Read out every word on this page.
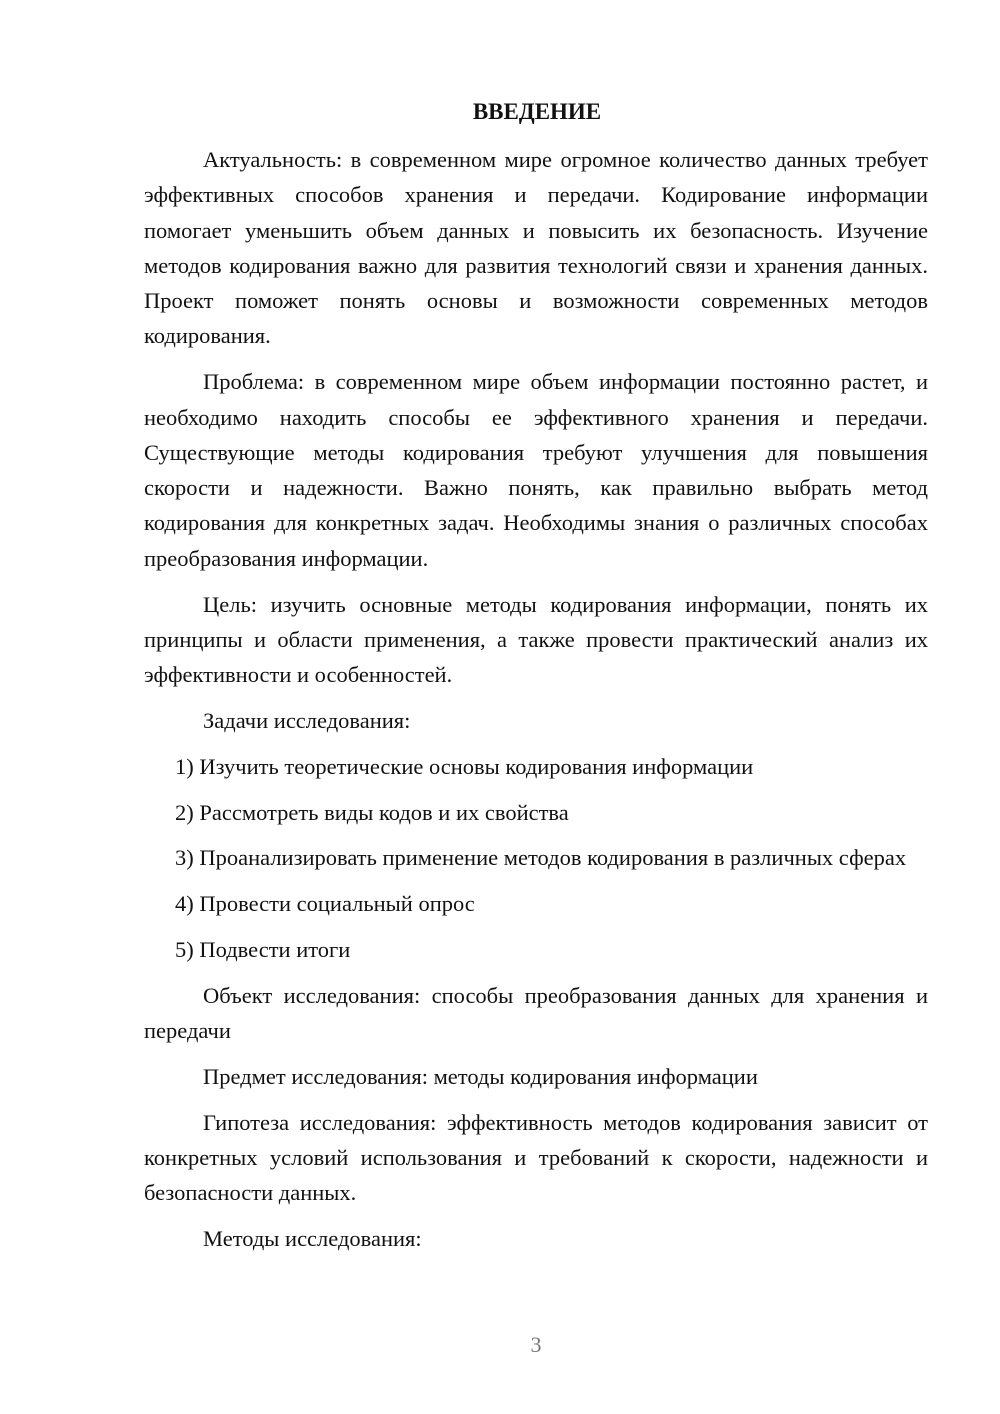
ВВЕДЕНИЕ

Актуальность: в современном мире огромное количество данных требует эффективных способов хранения и передачи. Кодирование информации помогает уменьшить объем данных и повысить их безопасность. Изучение методов кодирования важно для развития технологий связи и хранения данных. Проект поможет понять основы и возможности современных методов кодирования.

Проблема: в современном мире объем информации постоянно растет, и необходимо находить способы ее эффективного хранения и передачи. Существующие методы кодирования требуют улучшения для повышения скорости и надежности. Важно понять, как правильно выбрать метод кодирования для конкретных задач. Необходимы знания о различных способах преобразования информации.

Цель: изучить основные методы кодирования информации, понять их принципы и области применения, а также провести практический анализ их эффективности и особенностей.

Задачи исследования:

1) Изучить теоретические основы кодирования информации

2) Рассмотреть виды кодов и их свойства

3) Проанализировать применение методов кодирования в различных сферах

4) Провести социальный опрос

5) Подвести итоги

Объект исследования: способы преобразования данных для хранения и передачи

Предмет исследования: методы кодирования информации

Гипотеза исследования: эффективность методов кодирования зависит от конкретных условий использования и требований к скорости, надежности и безопасности данных.

Методы исследования:

3
